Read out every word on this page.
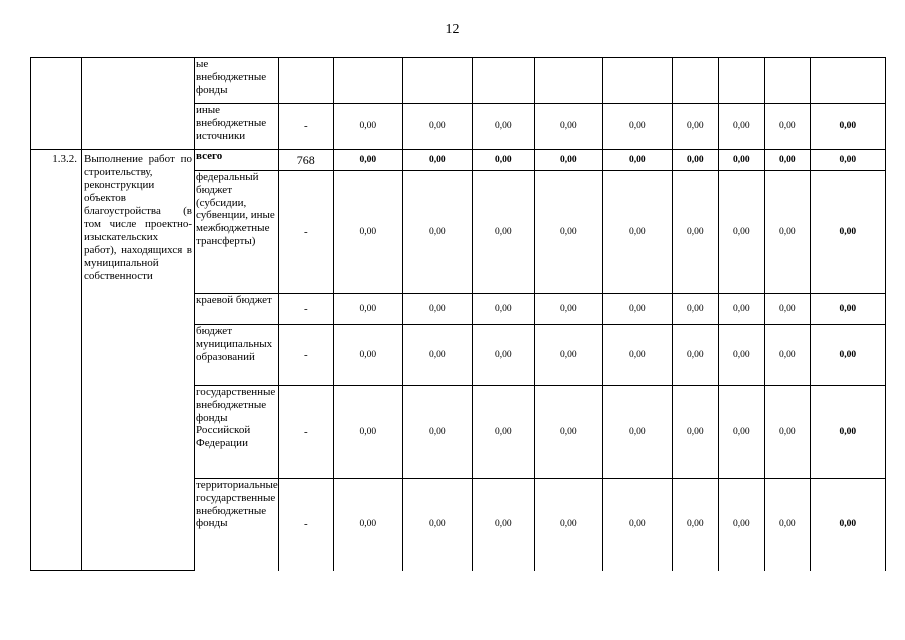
12
		ые внебюджетные фонды										
		иные внебюджетные источники	-	0,00	0,00	0,00	0,00	0,00	0,00	0,00	0,00	0,00
1.3.2.	Выполнение работ по строительству, реконструкции объектов благоустройства (в том числе проектно-изыскательских работ), находящихся в муниципальной собственности	всего	768	0,00	0,00	0,00	0,00	0,00	0,00	0,00	0,00	0,00
		федеральный бюджет (субсидии, субвенции, иные межбюджетные трансферты)	-	0,00	0,00	0,00	0,00	0,00	0,00	0,00	0,00	0,00
		краевой бюджет	-	0,00	0,00	0,00	0,00	0,00	0,00	0,00	0,00	0,00
		бюджет муниципальных образований	-	0,00	0,00	0,00	0,00	0,00	0,00	0,00	0,00	0,00
		государственные внебюджетные фонды Российской Федерации	-	0,00	0,00	0,00	0,00	0,00	0,00	0,00	0,00	0,00
		территориальные государственные внебюджетные фонды	-	0,00	0,00	0,00	0,00	0,00	0,00	0,00	0,00	0,00
